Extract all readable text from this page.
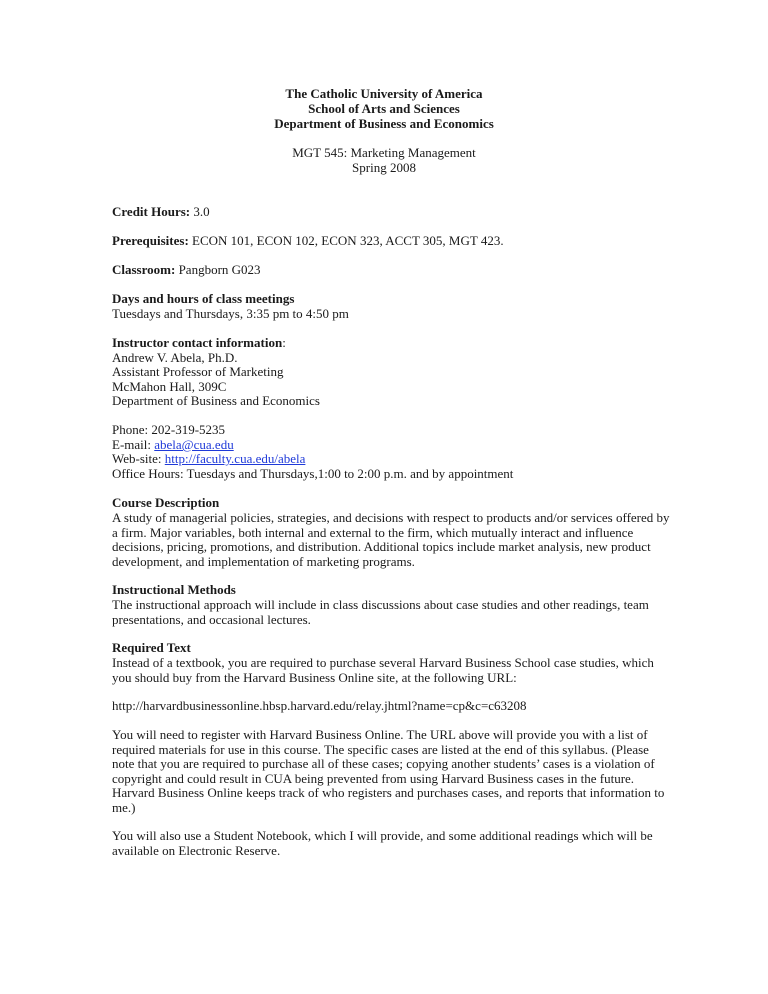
The Catholic University of America
School of Arts and Sciences
Department of Business and Economics
MGT 545: Marketing Management
Spring 2008
Credit Hours: 3.0
Prerequisites: ECON 101, ECON 102, ECON 323, ACCT 305, MGT 423.
Classroom: Pangborn G023
Days and hours of class meetings
Tuesdays and Thursdays, 3:35 pm to 4:50 pm
Instructor contact information:
Andrew V. Abela, Ph.D.
Assistant Professor of Marketing
McMahon Hall, 309C
Department of Business and Economics
Phone: 202-319-5235
E-mail: abela@cua.edu
Web-site: http://faculty.cua.edu/abela
Office Hours: Tuesdays and Thursdays,1:00 to 2:00 p.m. and by appointment
Course Description
A study of managerial policies, strategies, and decisions with respect to products and/or services offered by a firm. Major variables, both internal and external to the firm, which mutually interact and influence decisions, pricing, promotions, and distribution. Additional topics include market analysis, new product development, and implementation of marketing programs.
Instructional Methods
The instructional approach will include in class discussions about case studies and other readings, team presentations, and occasional lectures.
Required Text
Instead of a textbook, you are required to purchase several Harvard Business School case studies, which you should buy from the Harvard Business Online site, at the following URL:
http://harvardbusinessonline.hbsp.harvard.edu/relay.jhtml?name=cp&c=c63208
You will need to register with Harvard Business Online. The URL above will provide you with a list of required materials for use in this course. The specific cases are listed at the end of this syllabus. (Please note that you are required to purchase all of these cases; copying another students’ cases is a violation of copyright and could result in CUA being prevented from using Harvard Business cases in the future. Harvard Business Online keeps track of who registers and purchases cases, and reports that information to me.)
You will also use a Student Notebook, which I will provide, and some additional readings which will be available on Electronic Reserve.
